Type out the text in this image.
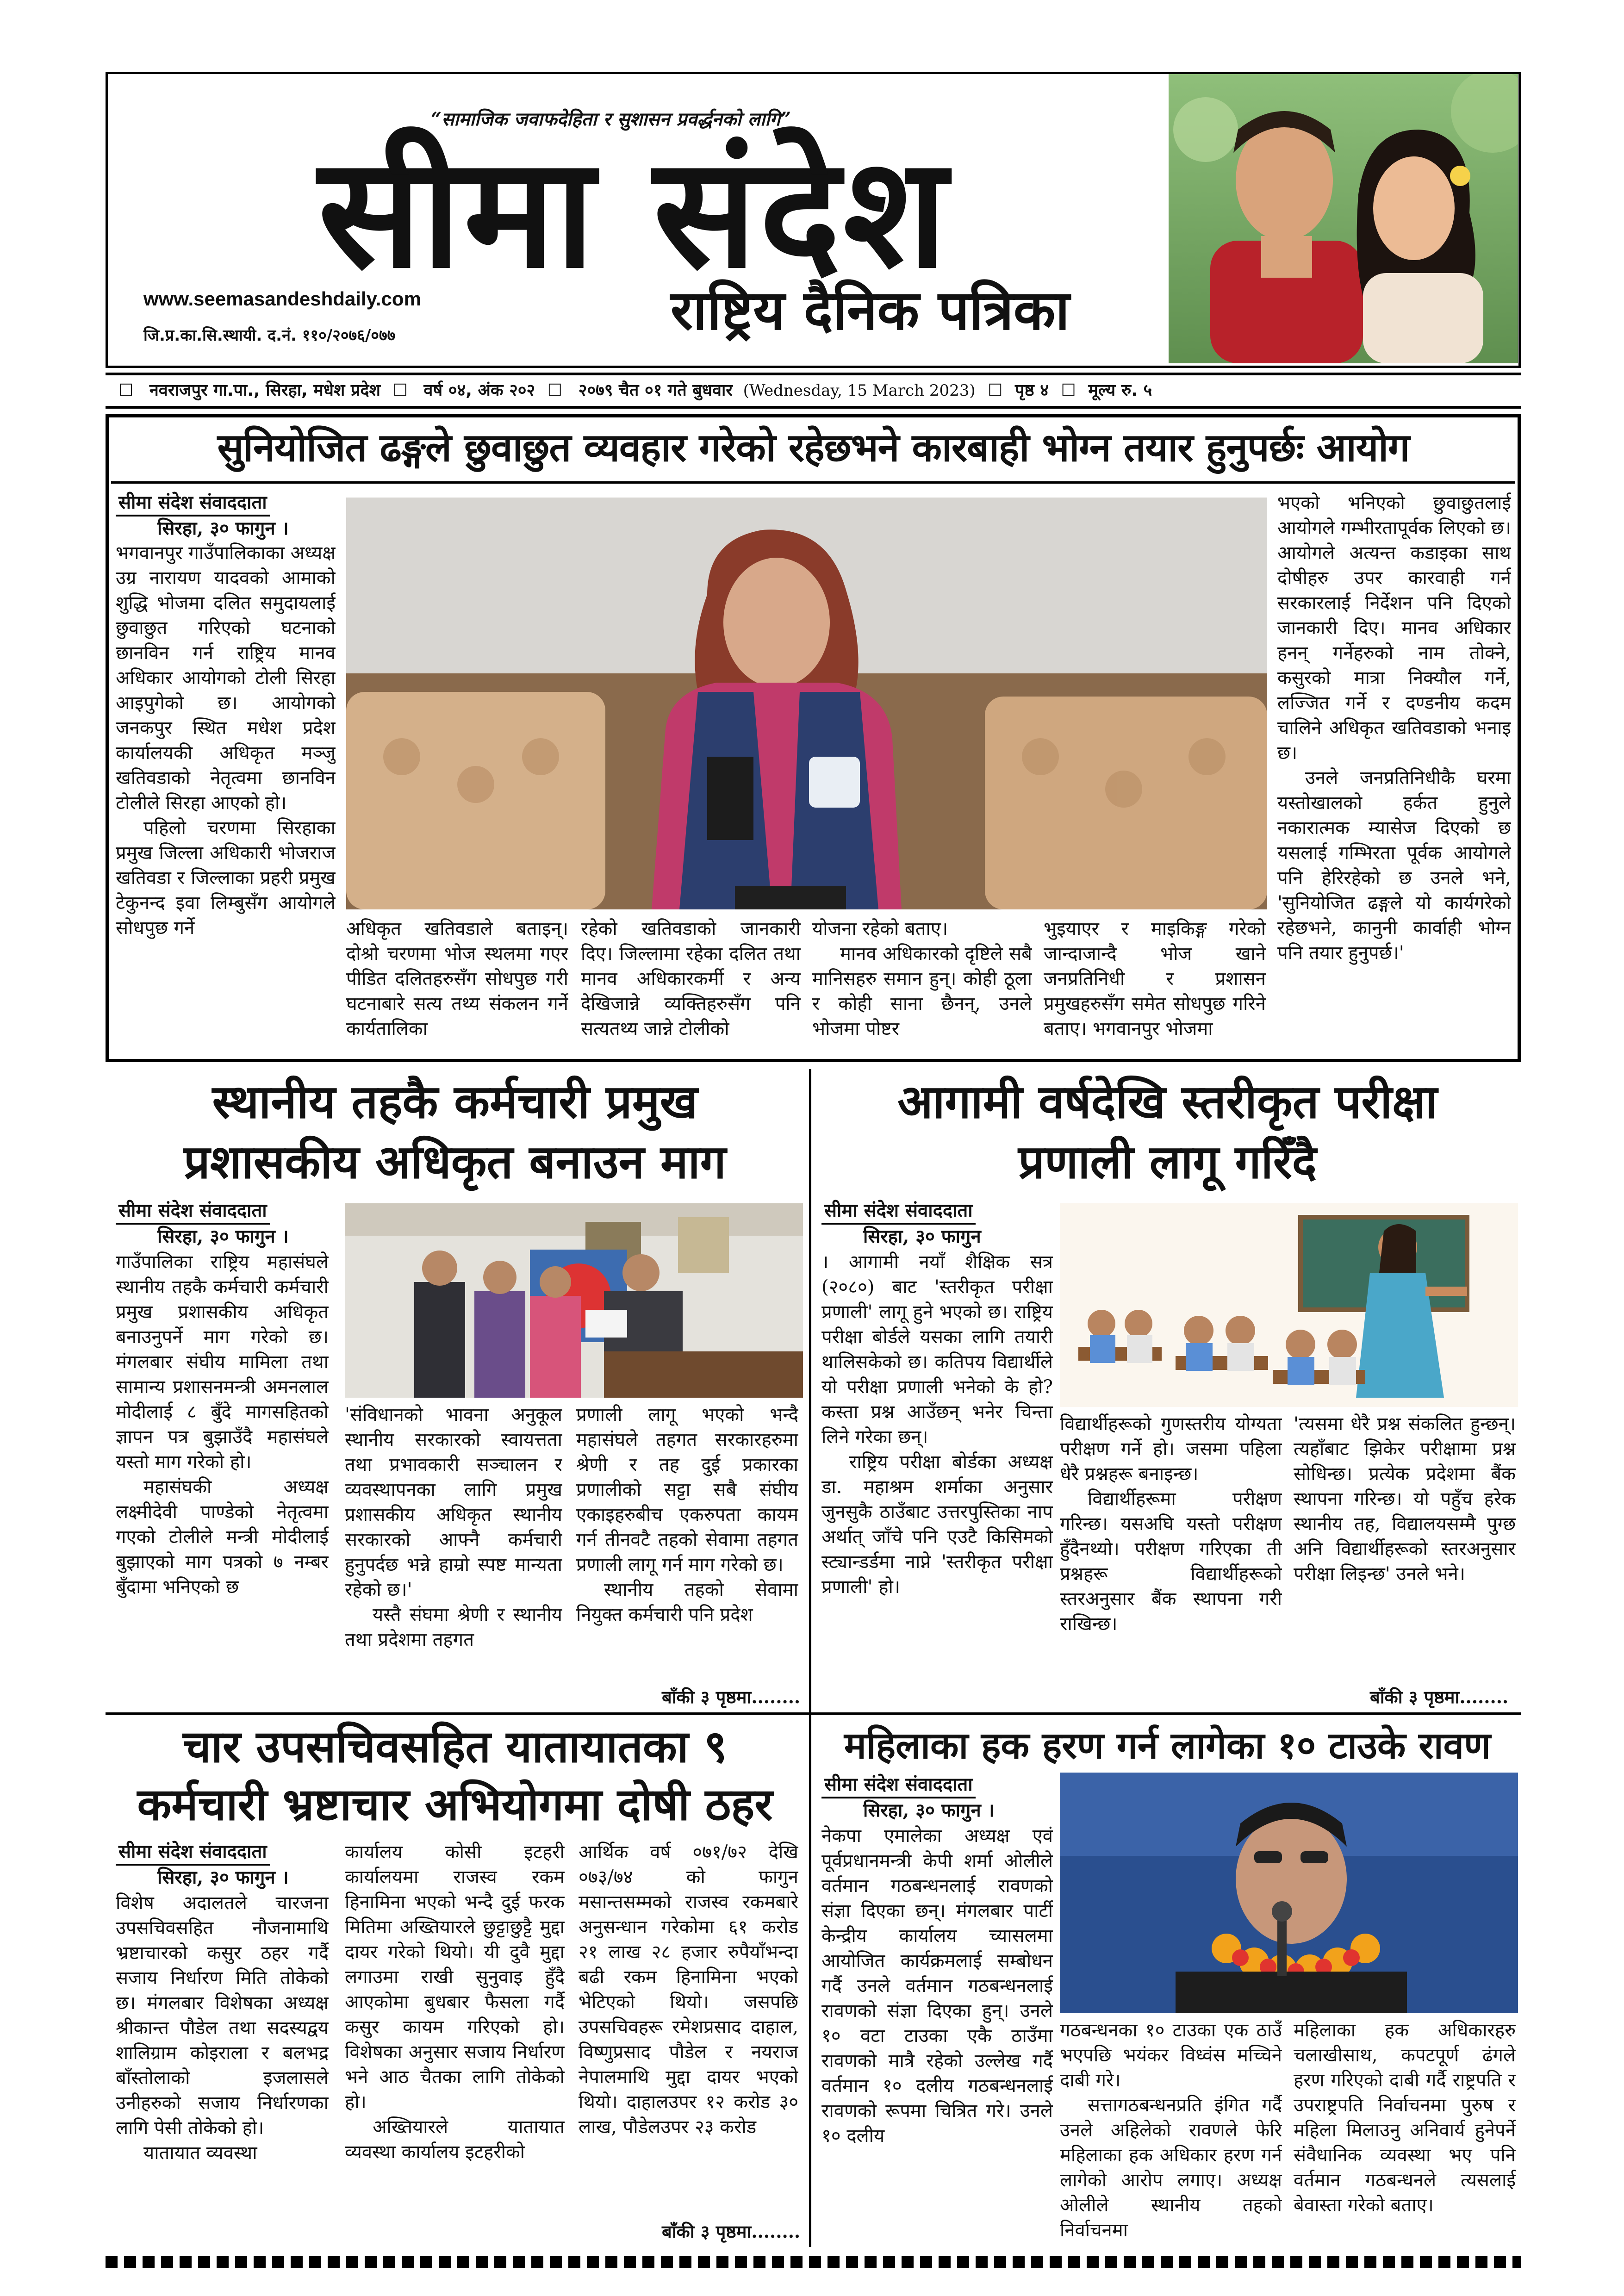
“सामाजिक जवाफदेहिता र सुशासन प्रवर्द्धनको लागि”
सीमा संदेश
राष्ट्रिय दैनिक पत्रिका
www.seemasandeshdaily.com
जि.प्र.का.सि.स्थायी. द.नं. ११०/२०७६/०७७
☐ नवराजपुर गा.पा., सिरहा, मधेश प्रदेश ☐ वर्ष ०४, अंक २०२ ☐ २०७९ चैत ०१ गते बुधवार (Wednesday, 15 March 2023) ☐ पृष्ठ ४ ☐ मूल्य रु. ५
सुनियोजित ढङ्गले छुवाछुत व्यवहार गरेको रहेछभने कारबाही भोग्न तयार हुनुपर्छः आयोग
सीमा संदेश संवाददाता
सिरहा, ३० फागुन ।

भगवानपुर गाउँपालिकाका अध्यक्ष उग्र नारायण यादवको आमाको शुद्धि भोजमा दलित समुदायलाई छुवाछुत गरिएको घटनाको छानविन गर्न राष्ट्रिय मानव अधिकार आयोगको टोली सिरहा आइपुगेको छ। आयोगको जनकपुर स्थित मधेश प्रदेश कार्यालयकी अधिकृत मञ्जु खतिवडाको नेतृत्वमा छानविन टोलीले सिरहा आएको हो।

पहिलो चरणमा सिरहाका प्रमुख जिल्ला अधिकारी भोजराज खतिवडा र जिल्लाका प्रहरी प्रमुख टेकुनन्द इवा लिम्बुसँग आयोगले सोधपुछ गर्ने	अधिकृत खतिवडाले बताइन्। दोश्रो चरणमा भोज स्थलमा गएर पीडित दलितहरुसँग सोधपुछ गरी घटनाबारे सत्य तथ्य संकलन गर्ने कार्यतालिका

रहेको खतिवडाको जानकारी दिए। जिल्लामा रहेका दलित तथा मानव अधिकारकर्मी र अन्य देखिजान्ने व्यक्तिहरुसँग पनि सत्यतथ्य जान्ने टोलीको

योजना रहेको बताए।

मानव अधिकारको दृष्टिले सबै मानिसहरु समान हुन्। कोही ठूला र कोही साना छैनन्, उनले भोजमा पोष्टर

भुइयाएर र माइकिङ्ग गरेको जान्दाजान्दै भोज खाने जनप्रतिनिधी र प्रशासन प्रमुखहरुसँग समेत सोधपुछ गरिने बताए। भगवानपुर भोजमा

भएको भनिएको छुवाछुतलाई आयोगले गम्भीरतापूर्वक लिएको छ। आयोगले अत्यन्त कडाइका साथ दोषीहरु उपर कारवाही गर्न सरकारलाई निर्देशन पनि दिएको जानकारी दिए। मानव अधिकार हनन् गर्नेहरुको नाम तोक्ने, कसुरको मात्रा निक्यौल गर्ने, लज्जित गर्ने र दण्डनीय कदम चालिने अधिकृत खतिवडाको भनाइ छ।

उनले जनप्रतिनिधीकै घरमा यस्तोखालको हर्कत हुनुले नकारात्मक म्यासेज दिएको छ यसलाई गम्भिरता पूर्वक आयोगले पनि हेरिरहेको छ उनले भने, 'सुनियोजित ढङ्गले यो कार्यगरेको रहेछभने, कानुनी कार्वाही भोग्न पनि तयार हुनुपर्छ।'

स्थानीय तहकै कर्मचारी प्रमुख
प्रशासकीय अधिकृत बनाउन माग
सीमा संदेश संवाददाता
सिरहा, ३० फागुन ।

गाउँपालिका राष्ट्रिय महासंघले स्थानीय तहकै कर्मचारी कर्मचारी प्रमुख प्रशासकीय अधिकृत बनाउनुपर्ने माग गरेको छ। मंगलबार संघीय मामिला तथा सामान्य प्रशासनमन्त्री अमनलाल मोदीलाई ८ बुँदे मागसहितको ज्ञापन पत्र बुझाउँदै महासंघले यस्तो माग गरेको हो।

महासंघकी अध्यक्ष लक्ष्मीदेवी पाण्डेको नेतृत्वमा गएको टोलीले मन्त्री मोदीलाई बुझाएको माग पत्रको ७ नम्बर बुँदामा भनिएको छ

'संविधानको भावना अनुकूल स्थानीय सरकारको स्वायत्तता तथा प्रभावकारी सञ्चालन र व्यवस्थापनका लागि प्रमुख प्रशासकीय अधिकृत स्थानीय सरकारको आफ्नै कर्मचारी हुनुपर्दछ भन्ने हाम्रो स्पष्ट मान्यता रहेको छ।'

यस्तै संघमा श्रेणी र स्थानीय तथा प्रदेशमा तहगत

प्रणाली लागू भएको भन्दै महासंघले तहगत सरकारहरुमा श्रेणी र तह दुई प्रकारका प्रणालीको सट्टा सबै संघीय एकाइहरुबीच एकरुपता कायम गर्न तीनवटै तहको सेवामा तहगत प्रणाली लागू गर्न माग गरेको छ।

स्थानीय तहको सेवामा नियुक्त कर्मचारी पनि प्रदेश

बाँकी ३ पृष्ठमा........
आगामी वर्षदेखि स्तरीकृत परीक्षा
प्रणाली लागू गरिँदै
सीमा संदेश संवाददाता
सिरहा, ३० फागुन

। आगामी नयाँ शैक्षिक सत्र (२०८०) बाट 'स्तरीकृत परीक्षा प्रणाली' लागू हुने भएको छ। राष्ट्रिय परीक्षा बोर्डले यसका लागि तयारी थालिसकेको छ। कतिपय विद्यार्थीले यो परीक्षा प्रणाली भनेको के हो? कस्ता प्रश्न आउँछन् भनेर चिन्ता लिने गरेका छन्।

राष्ट्रिय परीक्षा बोर्डका अध्यक्ष डा. महाश्रम शर्माका अनुसार जुनसुकै ठाउँबाट उत्तरपुस्तिका नाप अर्थात् जाँचे पनि एउटै किसिमको स्ट्यान्डर्डमा नाप्ने 'स्तरीकृत परीक्षा प्रणाली' हो।

विद्यार्थीहरूको गुणस्तरीय योग्यता परीक्षण गर्ने हो। जसमा पहिला धेरै प्रश्नहरू बनाइन्छ।

विद्यार्थीहरूमा परीक्षण गरिन्छ। यसअघि यस्तो परीक्षण हुँदैनथ्यो। परीक्षण गरिएका ती प्रश्नहरू विद्यार्थीहरूको स्तरअनुसार बैंक स्थापना गरी राखिन्छ।

'त्यसमा धेरै प्रश्न संकलित हुन्छन्। त्यहाँबाट झिकेर परीक्षामा प्रश्न सोधिन्छ। प्रत्येक प्रदेशमा बैंक स्थापना गरिन्छ। यो पहुँच हरेक स्थानीय तह, विद्यालयसम्मै पुग्छ अनि विद्यार्थीहरूको स्तरअनुसार परीक्षा लिइन्छ' उनले भने।

बाँकी ३ पृष्ठमा........
चार उपसचिवसहित यातायातका ९
कर्मचारी भ्रष्टाचार अभियोगमा दोषी ठहर
सीमा संदेश संवाददाता
सिरहा, ३० फागुन ।

विशेष अदालतले चारजना उपसचिवसहित नौजनामाथि भ्रष्टाचारको कसुर ठहर गर्दै सजाय निर्धारण मिति तोकेको छ। मंगलबार विशेषका अध्यक्ष श्रीकान्त पौडेल तथा सदस्यद्वय शालिग्राम कोइराला र बलभद्र बाँस्तोलाको इजलासले उनीहरुको सजाय निर्धारणका लागि पेसी तोकेको हो।

यातायात व्यवस्था

कार्यालय कोसी इटहरी कार्यालयमा राजस्व रकम हिनामिना भएको भन्दै दुई फरक मितिमा अख्तियारले छुट्टाछुट्टै मुद्दा दायर गरेको थियो। यी दुवै मुद्दा लगाउमा राखी सुनुवाइ हुँदै आएकोमा बुधबार फैसला गर्दै कसुर कायम गरिएको हो। विशेषका अनुसार सजाय निर्धारण भने आठ चैतका लागि तोकेको हो।

अख्तियारले यातायात व्यवस्था कार्यालय इटहरीको

आर्थिक वर्ष ०७१/७२ देखि ०७३/७४ को फागुन मसान्तसम्मको राजस्व रकमबारे अनुसन्धान गरेकोमा ६१ करोड २१ लाख २८ हजार रुपैयाँभन्दा बढी रकम हिनामिना भएको भेटिएको थियो। जसपछि उपसचिवहरू रमेशप्रसाद दाहाल, विष्णुप्रसाद पौडेल र नयराज नेपालमाथि मुद्दा दायर भएको थियो। दाहालउपर १२ करोड ३० लाख, पौडेलउपर २३ करोड

बाँकी ३ पृष्ठमा........
महिलाका हक हरण गर्न लागेका १० टाउके रावण
सीमा संदेश संवाददाता
सिरहा, ३० फागुन ।

नेकपा एमालेका अध्यक्ष एवं पूर्वप्रधानमन्त्री केपी शर्मा ओलीले वर्तमान गठबन्धनलाई रावणको संज्ञा दिएका छन्। मंगलबार पार्टी केन्द्रीय कार्यालय च्यासलमा आयोजित कार्यक्रमलाई सम्बोधन गर्दै उनले वर्तमान गठबन्धनलाई रावणको संज्ञा दिएका हुन्। उनले १० वटा टाउका एकै ठाउँमा रावणको मात्रै रहेको उल्लेख गर्दै वर्तमान १० दलीय गठबन्धनलाई रावणको रूपमा चित्रित गरे। उनले १० दलीय

गठबन्धनका १० टाउका एक ठाउँ भएपछि भयंकर विध्वंस मच्चिने दाबी गरे।

सत्तागठबन्धनप्रति इंगित गर्दै उनले अहिलेको रावणले फेरि महिलाका हक अधिकार हरण गर्न लागेको आरोप लगाए। अध्यक्ष ओलीले स्थानीय तहको निर्वाचनमा

महिलाका हक अधिकारहरु चलाखीसाथ, कपटपूर्ण ढंगले हरण गरिएको दाबी गर्दै राष्ट्रपति र उपराष्ट्रपति निर्वाचनमा पुरुष र महिला मिलाउनु अनिवार्य हुनेपर्ने संवैधानिक व्यवस्था भए पनि वर्तमान गठबन्धनले त्यसलाई बेवास्ता गरेको बताए।
